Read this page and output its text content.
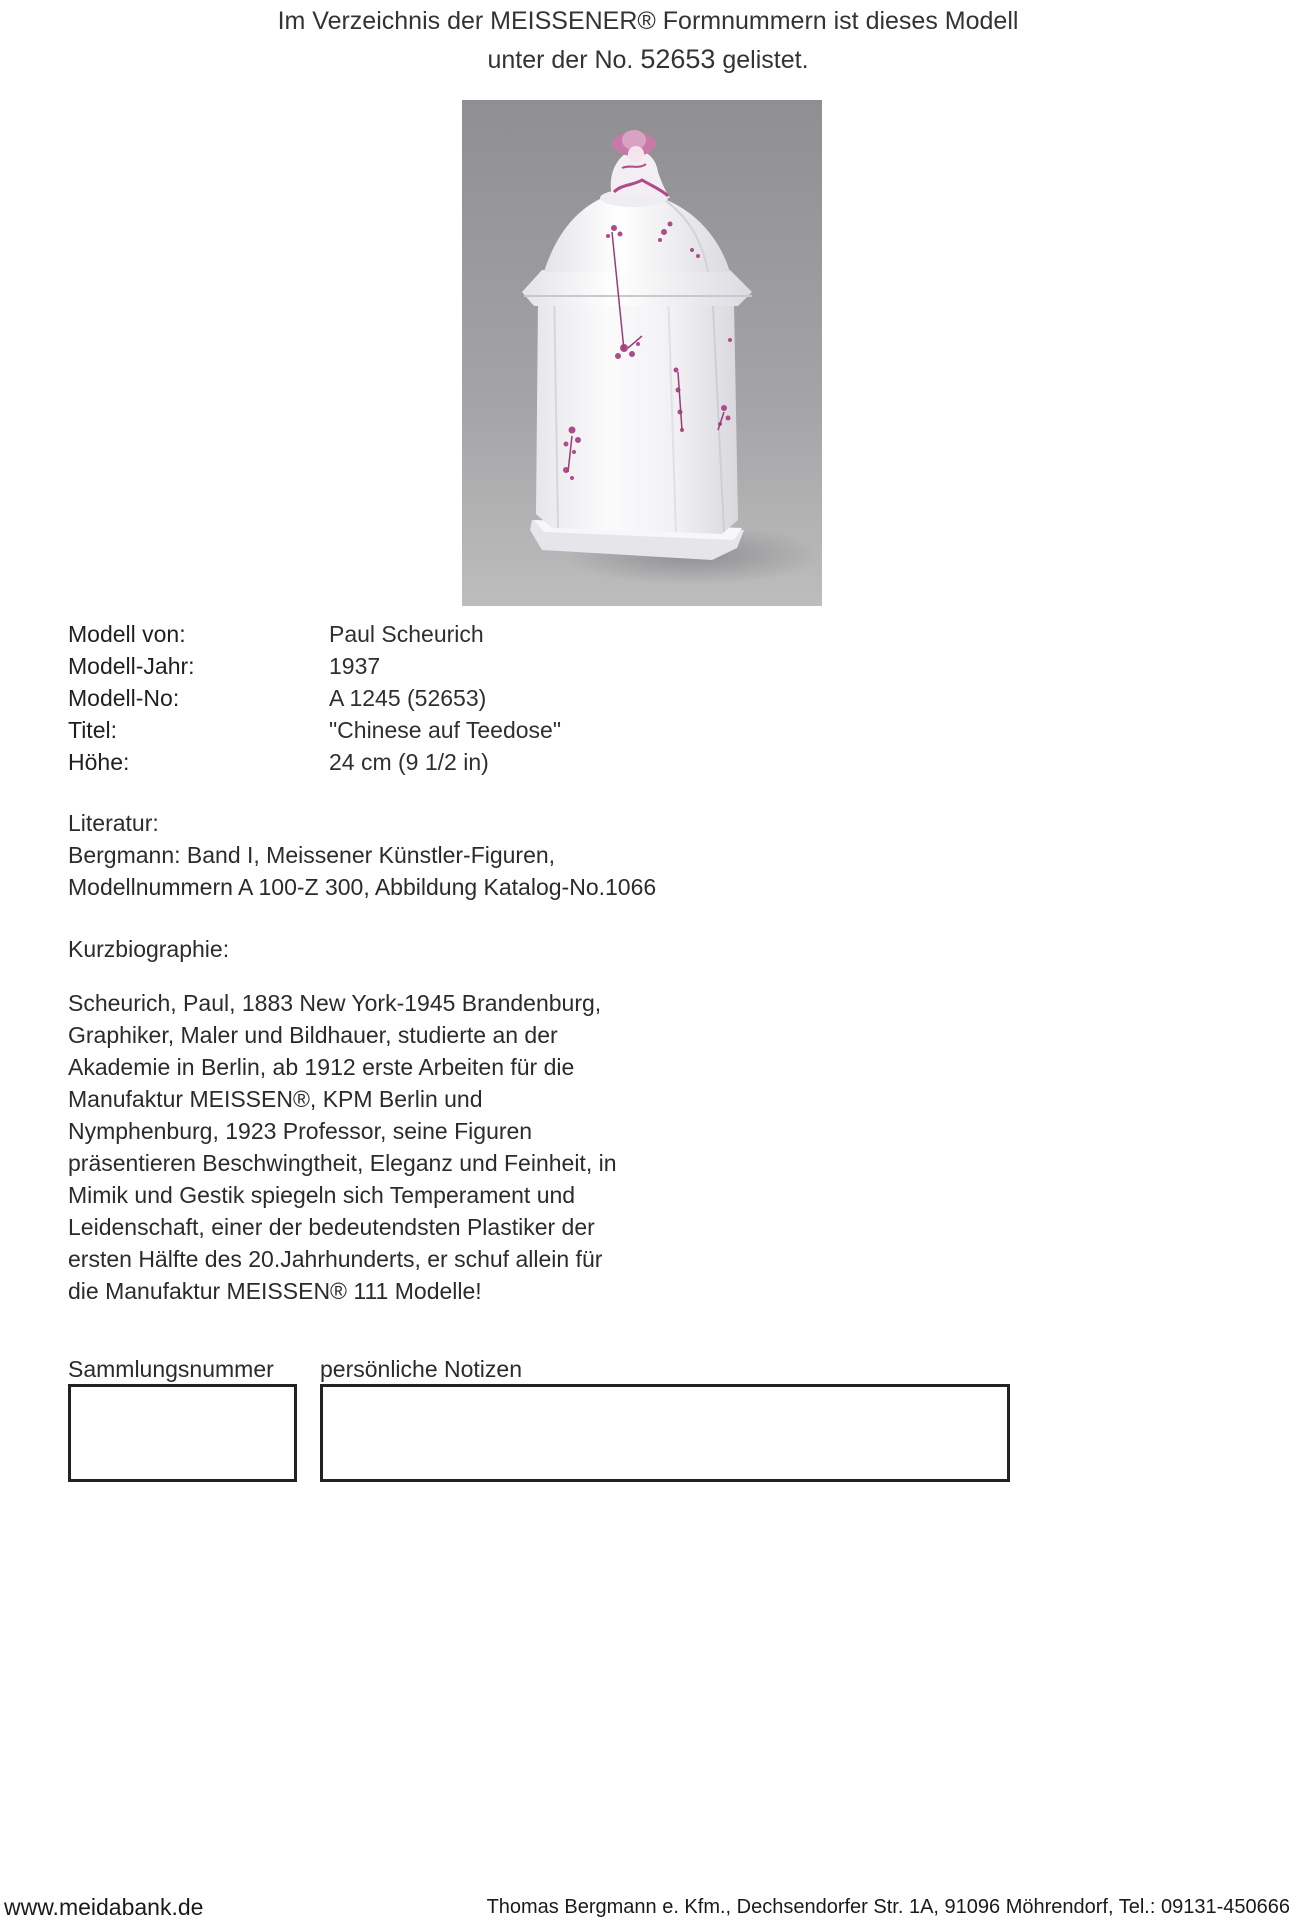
Im Verzeichnis der MEISSENER® Formnummern ist dieses Modell
unter der No. 52653 gelistet.
Modell von:	Paul Scheurich
Modell-Jahr:	1937
Modell-No:	A 1245 (52653)
Titel:	"Chinese auf Teedose"
Höhe:	24 cm (9 1/2 in)
Literatur:
Bergmann: Band I, Meissener Künstler-Figuren,
Modellnummern A 100-Z 300, Abbildung Katalog-No.1066
Kurzbiographie:
Scheurich, Paul, 1883 New York-1945 Brandenburg,
Graphiker, Maler und Bildhauer, studierte an der
Akademie in Berlin, ab 1912 erste Arbeiten für die
Manufaktur MEISSEN®, KPM Berlin und
Nymphenburg, 1923 Professor, seine Figuren
präsentieren Beschwingtheit, Eleganz und Feinheit, in
Mimik und Gestik spiegeln sich Temperament und
Leidenschaft, einer der bedeutendsten Plastiker der
ersten Hälfte des 20.Jahrhunderts, er schuf allein für
die Manufaktur MEISSEN® 111 Modelle!
Sammlungsnummer persönliche Notizen
www.meidabank.de	Thomas Bergmann e. Kfm., Dechsendorfer Str. 1A, 91096 Möhrendorf, Tel.: 09131-450666
